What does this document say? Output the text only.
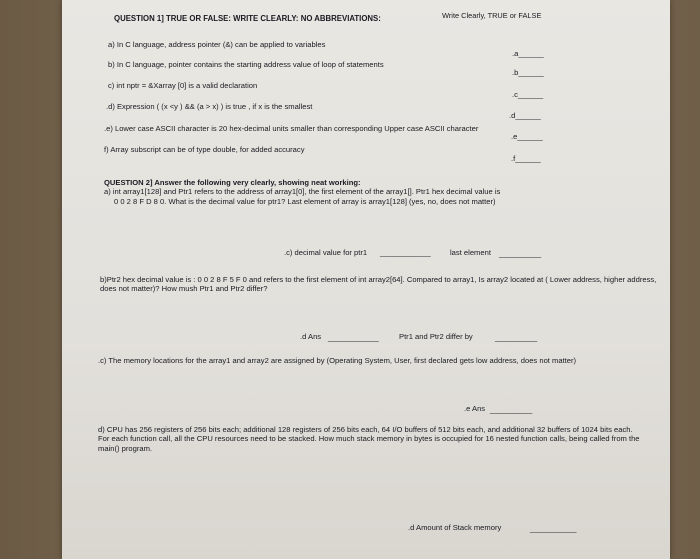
QUESTION 1] TRUE OR FALSE: WRITE CLEARLY: NO ABBREVIATIONS:	Write Clearly, TRUE or FALSE
a) In C language, address pointer (&) can be applied to variables
.a______
b) In C language, pointer contains the starting address value of loop of statements
.b______
c) int nptr = &Xarray [0] is a valid declaration
.c______
.d) Expression ( (x <y ) && (a > x) ) is true , if x is the smallest
.d______
.e) Lower case ASCII character is 20 hex-decimal units smaller than corresponding Upper case ASCII character
.e______
f) Array subscript can be of type double, for added accuracy
.f______
QUESTION 2] Answer the following very clearly, showing neat working:
a) int array1[128] and Ptr1 refers to the address of array1[0], the first element of the array1[]. Ptr1 hex decimal value is
0 0 2 8 F D 8 0. What is the decimal value for ptr1? Last element of array is array1[128] (yes, no, does not matter)
.c) decimal value for ptr1 ____________	last element __________
b)Ptr2 hex decimal value is : 0 0 2 8 F 5 F 0 and refers to the first element of int array2[64]. Compared to array1, Is array2 located at ( Lower address, higher address, does not matter)? How mush Ptr1 and Ptr2 differ?
.d Ans ____________	Ptr1 and Ptr2 differ by	__________
.c) The memory locations for the array1 and array2 are assigned by (Operating System, User, first declared gets low address, does not matter)
.e Ans __________
d) CPU has 256 registers of 256 bits each; additional 128 registers of 256 bits each, 64 I/O buffers of 512 bits each, and additional 32 buffers of 1024 bits each. For each function call, all the CPU resources need to be stacked. How much stack memory in bytes is occupied for 16 nested function calls, being called from the main() program.
.d Amount of Stack memory	___________
